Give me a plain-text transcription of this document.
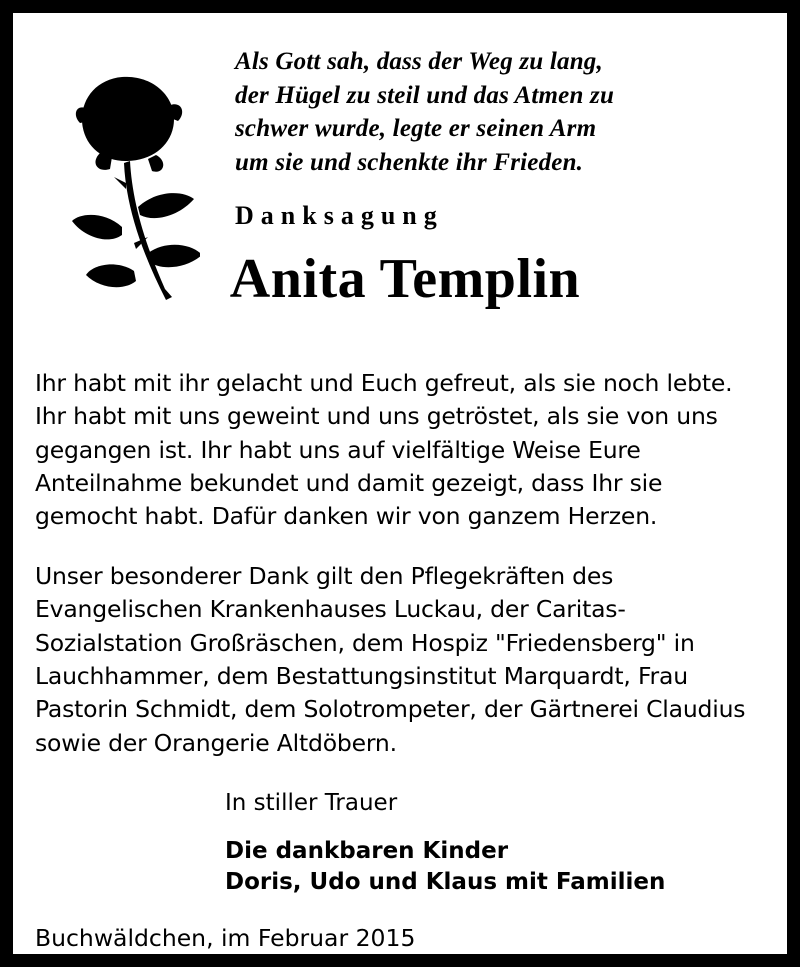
Als Gott sah, dass der Weg zu lang,
der Hügel zu steil und das Atmen zu
schwer wurde, legte er seinen Arm
um sie und schenkte ihr Frieden.
Danksagung
Anita Templin
Ihr habt mit ihr gelacht und Euch gefreut, als sie noch lebte. Ihr habt mit uns geweint und uns getröstet, als sie von uns gegangen ist. Ihr habt uns auf vielfältige Weise Eure Anteilnahme bekundet und damit gezeigt, dass Ihr sie gemocht habt. Dafür danken wir von ganzem Herzen.
Unser besonderer Dank gilt den Pflegekräften des Evangelischen Krankenhauses Luckau, der Caritas-Sozialstation Großräschen, dem Hospiz "Friedensberg" in Lauchhammer, dem Bestattungsinstitut Marquardt, Frau Pastorin Schmidt, dem Solotrompeter, der Gärtnerei Claudius sowie der Orangerie Altdöbern.
In stiller Trauer
Die dankbaren Kinder
Doris, Udo und Klaus mit Familien
Buchwäldchen, im Februar 2015
